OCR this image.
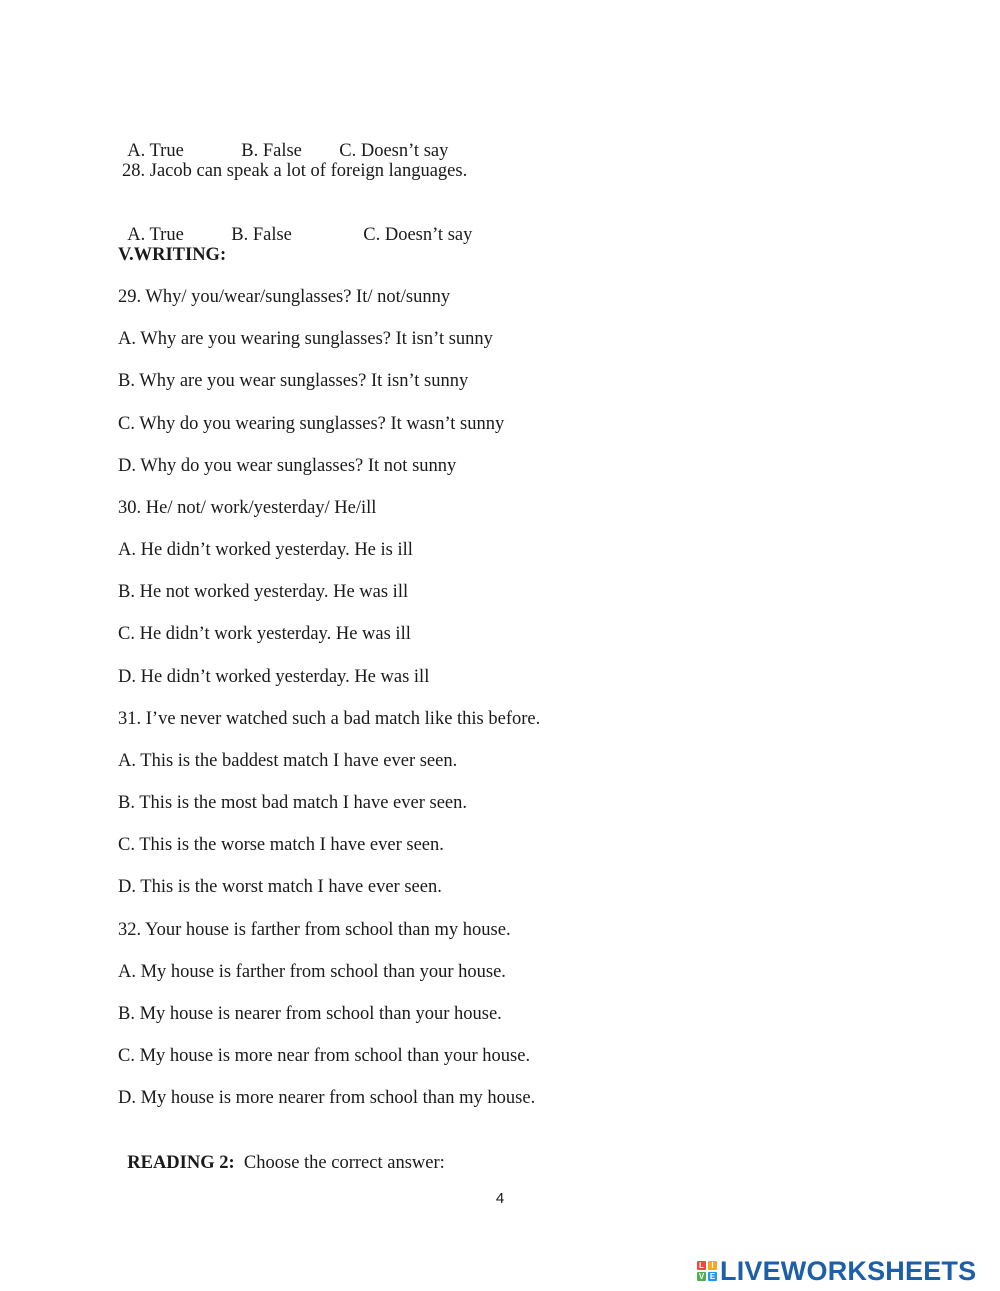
A. True	B. False C. Doesn’t say

28. Jacob can speak a lot of foreign languages.

A. True	B. False	C. Doesn’t say

V.WRITING:
29. Why/ you/wear/sunglasses? It/ not/sunny
A. Why are you wearing sunglasses? It isn’t sunny
B. Why are you wear sunglasses? It isn’t sunny
C. Why do you wearing sunglasses? It wasn’t sunny
D. Why do you wear sunglasses? It not sunny
30. He/ not/ work/yesterday/ He/ill
A. He didn’t worked yesterday. He is ill
B. He not worked yesterday. He was ill
C. He didn’t work yesterday. He was ill
D. He didn’t worked yesterday. He was ill
31. I’ve never watched such a bad match like this before.
A. This is the baddest match I have ever seen.
B. This is the most bad match I have ever seen.
C. This is the worse match I have ever seen.
D. This is the worst match I have ever seen.
32. Your house is farther from school than my house.
A. My house is farther from school than your house.
B. My house is nearer from school than your house.
C. My house is more near from school than your house.
D. My house is more nearer from school than my house.

READING 2: Choose the correct answer:

4
L I
V E LIVEWORKSHEETS
